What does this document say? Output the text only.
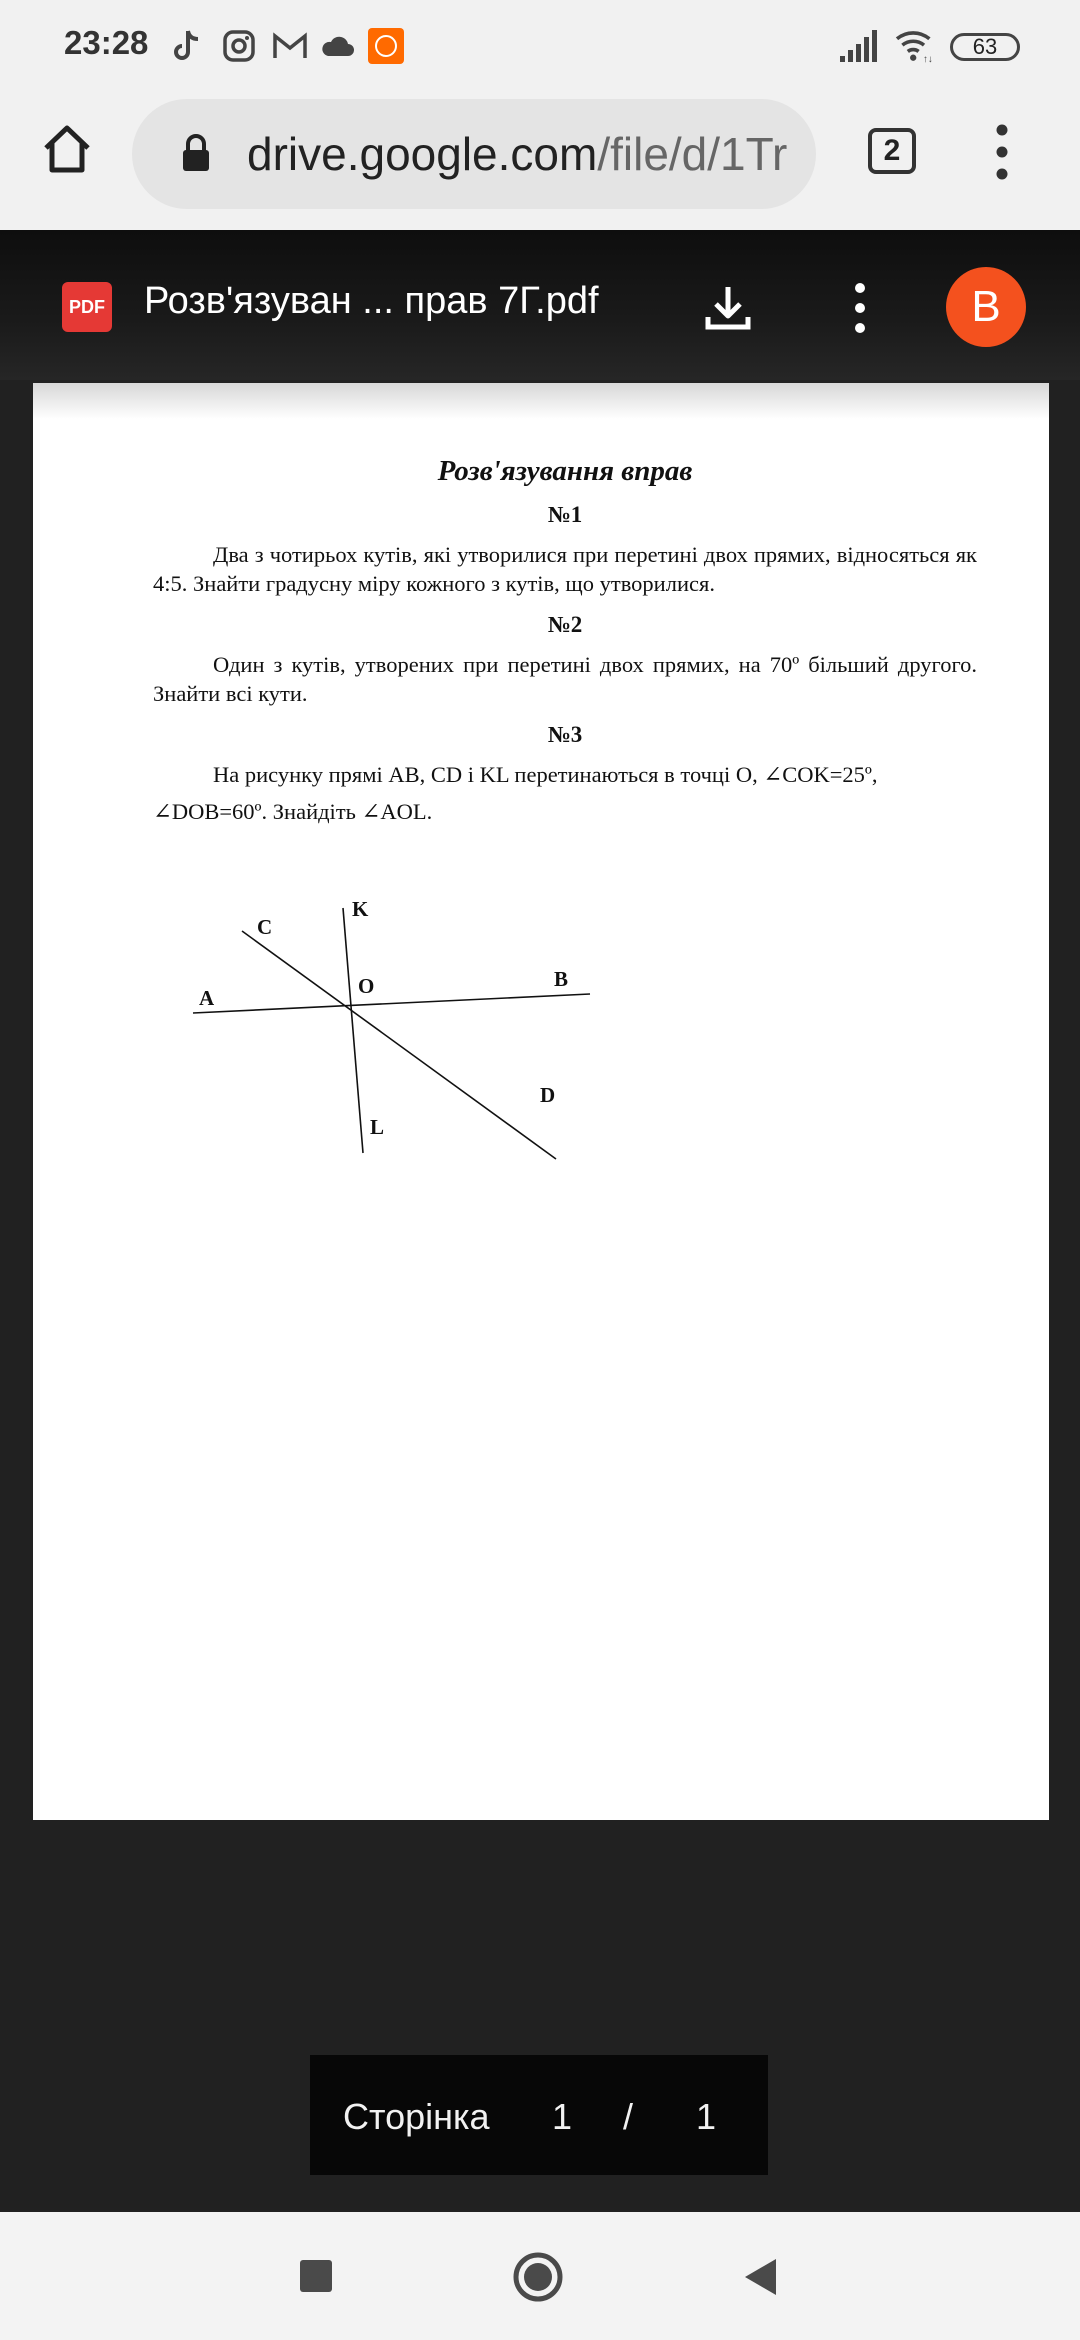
23:28	↑↓
63
drive.google.com/file/d/1Tr	2
PDF Розв'язуван ... прав 7Г.pdf	B

Розв'язування вправ

№1

Два з чотирьох кутів, які утворилися при перетині двох прямих, відносяться як 4:5. Знайти градусну міру кожного з кутів, що утворилися.

№2

Один з кутів, утворених при перетині двох прямих, на 70º більший другого. Знайти всі кути.

№3

На рисунку прямі AB, CD і KL перетинаються в точці O, ∠COK=25º,

∠DOB=60º. Знайдіть ∠AOL.

A
B
C
D
K
L
O
Сторінка 1 / 1
